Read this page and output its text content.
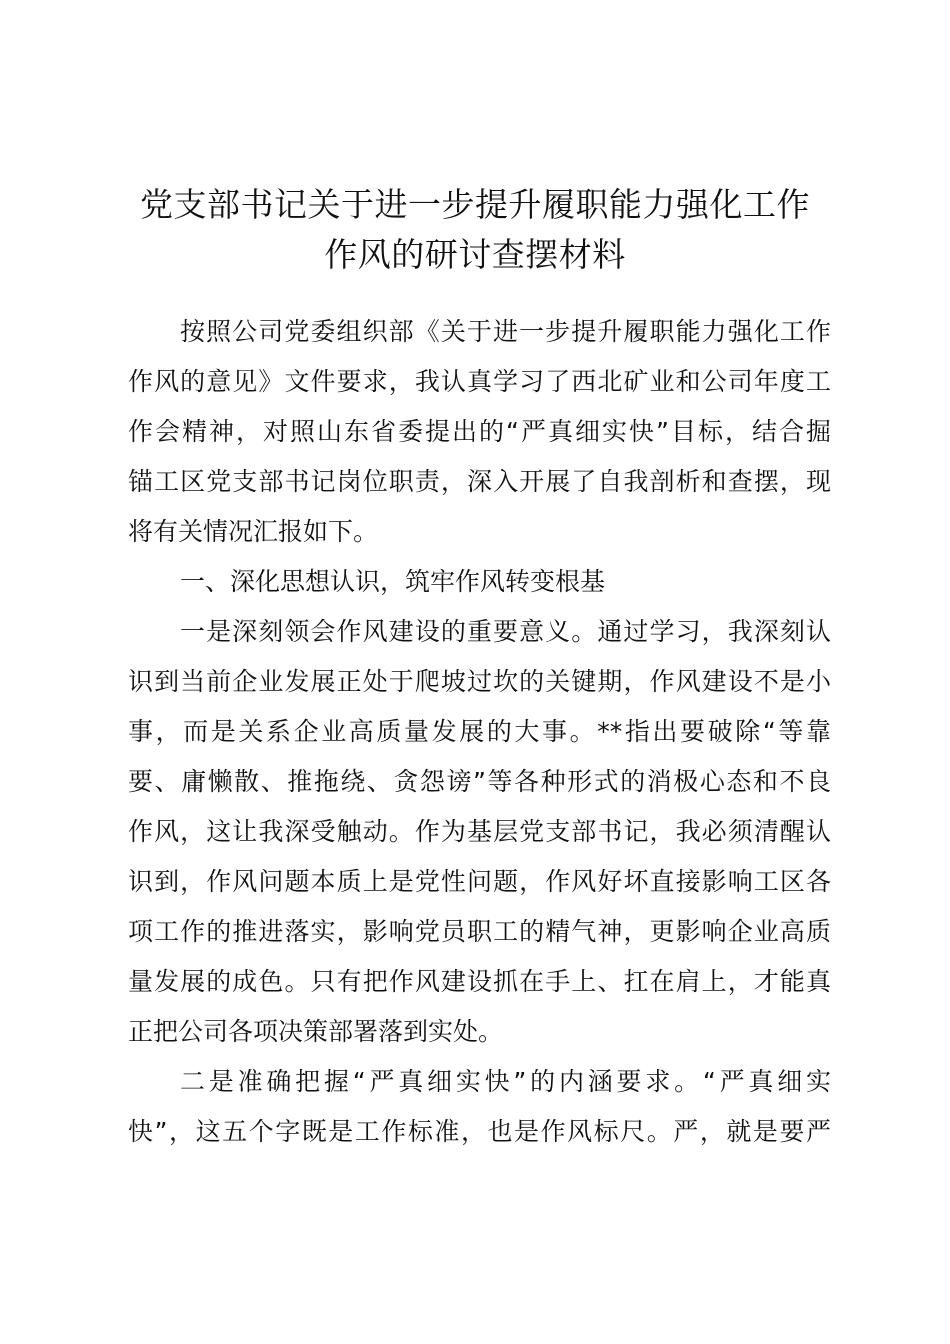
党支部书记关于进一步提升履职能力强化工作
作风的研讨查摆材料
按照公司党委组织部《关于进一步提升履职能力强化工作
作风的意见》文件要求，我认真学习了西北矿业和公司年度工
作会精神，对照山东省委提出的“严真细实快”目标，结合掘
锚工区党支部书记岗位职责，深入开展了自我剖析和查摆，现
将有关情况汇报如下。
一、深化思想认识，筑牢作风转变根基
一是深刻领会作风建设的重要意义。通过学习，我深刻认
识到当前企业发展正处于爬坡过坎的关键期，作风建设不是小
事，而是关系企业高质量发展的大事。**指出要破除“等靠
要、庸懒散、推拖绕、贪怨谤”等各种形式的消极心态和不良
作风，这让我深受触动。作为基层党支部书记，我必须清醒认
识到，作风问题本质上是党性问题，作风好坏直接影响工区各
项工作的推进落实，影响党员职工的精气神，更影响企业高质
量发展的成色。只有把作风建设抓在手上、扛在肩上，才能真
正把公司各项决策部署落到实处。
二是准确把握“严真细实快”的内涵要求。“严真细实
快”，这五个字既是工作标准，也是作风标尺。严，就是要严
